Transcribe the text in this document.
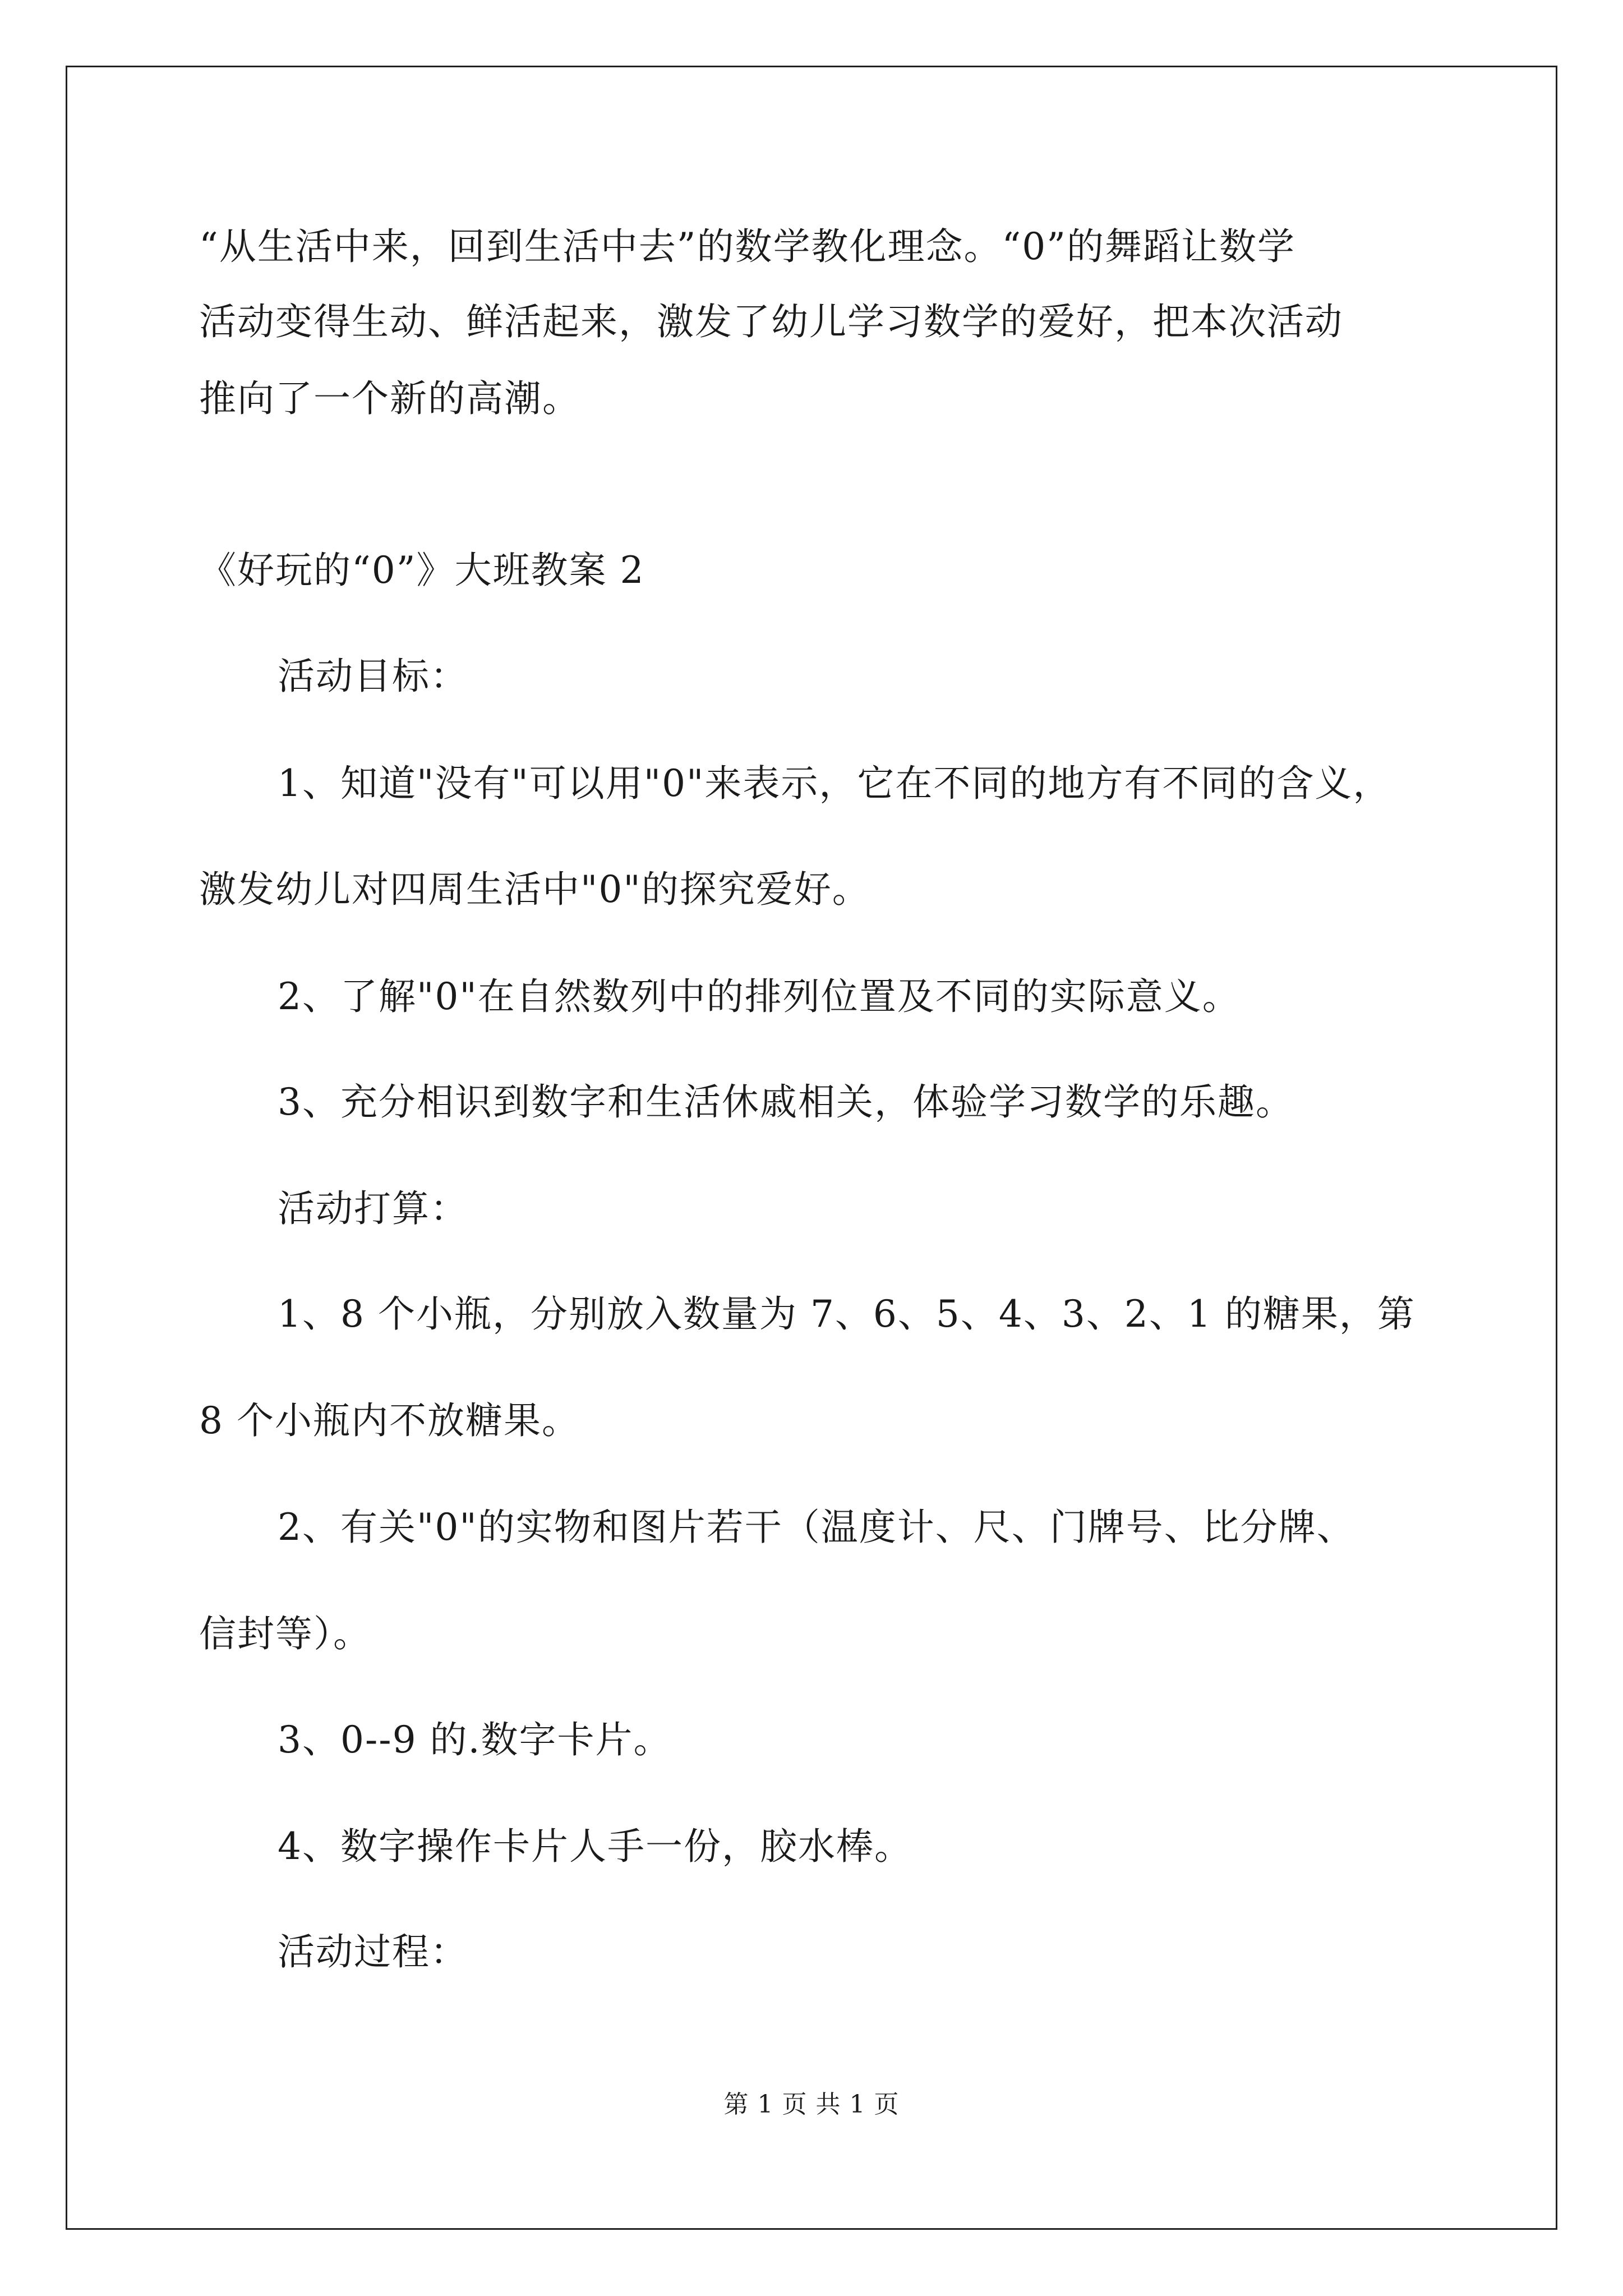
“从生活中来，回到生活中去”的数学教化理念。“0”的舞蹈让数学
活动变得生动、鲜活起来，激发了幼儿学习数学的爱好，把本次活动
推向了一个新的高潮。
《好玩的“0”》大班教案 2
活动目标：
1、知道"没有"可以用"0"来表示，它在不同的地方有不同的含义，
激发幼儿对四周生活中"0"的探究爱好。
2、了解"0"在自然数列中的排列位置及不同的实际意义。
3、充分相识到数字和生活休戚相关，体验学习数学的乐趣。
活动打算：
1、8 个小瓶，分别放入数量为 7、6、5、4、3、2、1 的糖果，第
8 个小瓶内不放糖果。
2、有关"0"的实物和图片若干（温度计、尺、门牌号、比分牌、
信封等）。
3、0--9 的.数字卡片。
4、数字操作卡片人手一份，胶水棒。
活动过程：
第 1 页 共 1 页
